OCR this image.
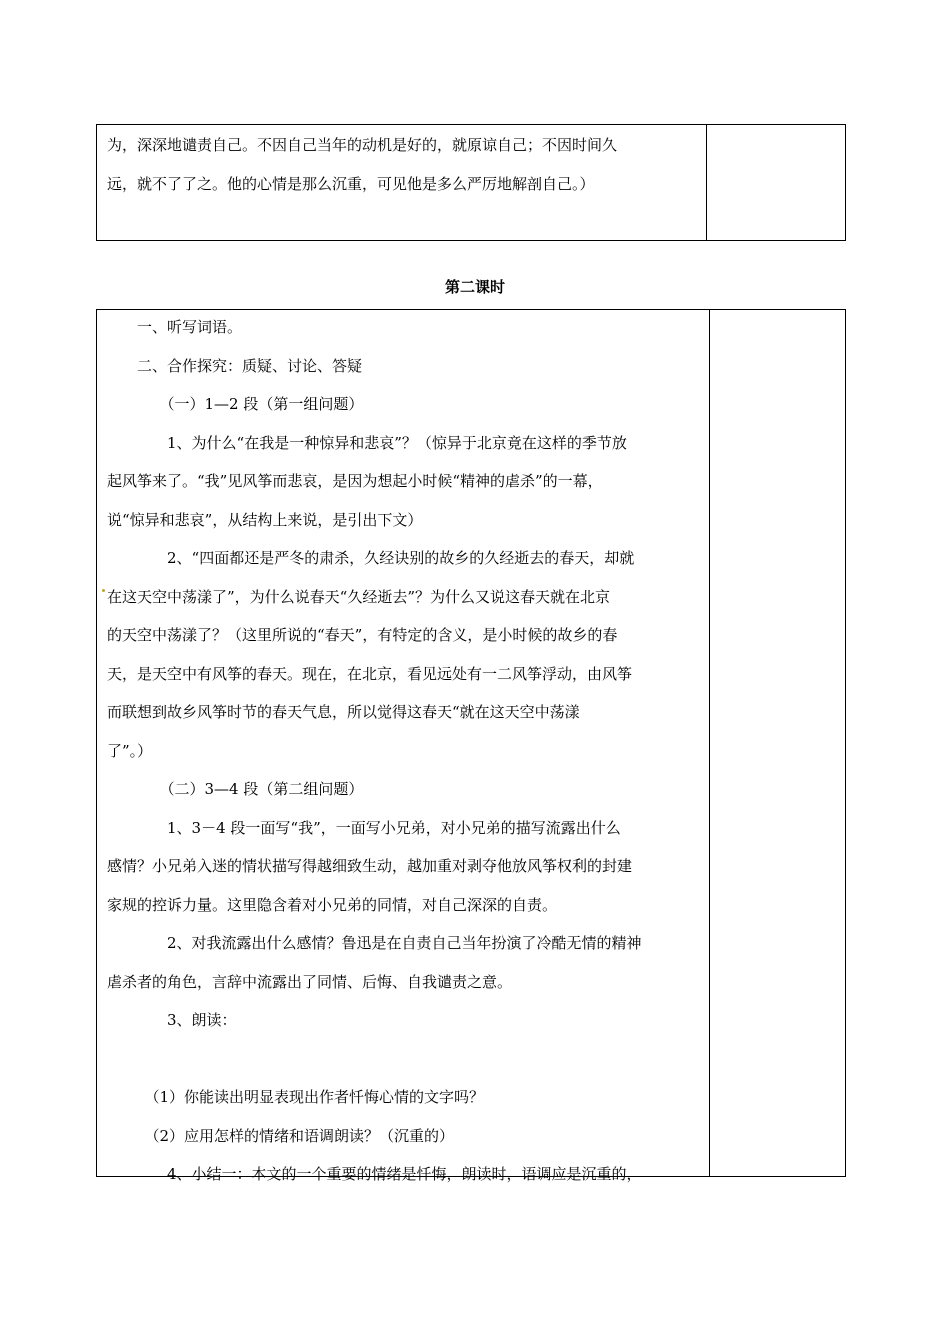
为，深深地谴责自己。不因自己当年的动机是好的，就原谅自己；不因时间久

远，就不了了之。他的心情是那么沉重，可见他是多么严厉地解剖自己。）

第二课时

　　一、听写词语。

　　二、合作探究：质疑、讨论、答疑

　　　　（一）1—2 段（第一组问题）

　　　　1、为什么“在我是一种惊异和悲哀”？（惊异于北京竟在这样的季节放

起风筝来了。“我”见风筝而悲哀，是因为想起小时候“精神的虐杀”的一幕，

说“惊异和悲哀”，从结构上来说，是引出下文）

　　　　2、“四面都还是严冬的肃杀，久经诀别的故乡的久经逝去的春天，却就

在这天空中荡漾了”，为什么说春天“久经逝去”？为什么又说这春天就在北京

的天空中荡漾了？（这里所说的“春天”，有特定的含义，是小时候的故乡的春

天，是天空中有风筝的春天。现在，在北京，看见远处有一二风筝浮动，由风筝

而联想到故乡风筝时节的春天气息，所以觉得这春天“就在这天空中荡漾

了”。）

　　　　（二）3—4 段（第二组问题）

　　　　1、3－4 段一面写“我”，一面写小兄弟，对小兄弟的描写流露出什么

感情？小兄弟入迷的情状描写得越细致生动，越加重对剥夺他放风筝权利的封建

家规的控诉力量。这里隐含着对小兄弟的同情，对自己深深的自责。

　　　　2、对我流露出什么感情？鲁迅是在自责自己当年扮演了冷酷无情的精神

虐杀者的角色，言辞中流露出了同情、后悔、自我谴责之意。

　　　　3、朗读：

　　　（1）你能读出明显表现出作者忏悔心情的文字吗？

　　　（2）应用怎样的情绪和语调朗读？（沉重的）

　　　　4、小结一：本文的一个重要的情绪是忏悔，朗读时，语调应是沉重的，
